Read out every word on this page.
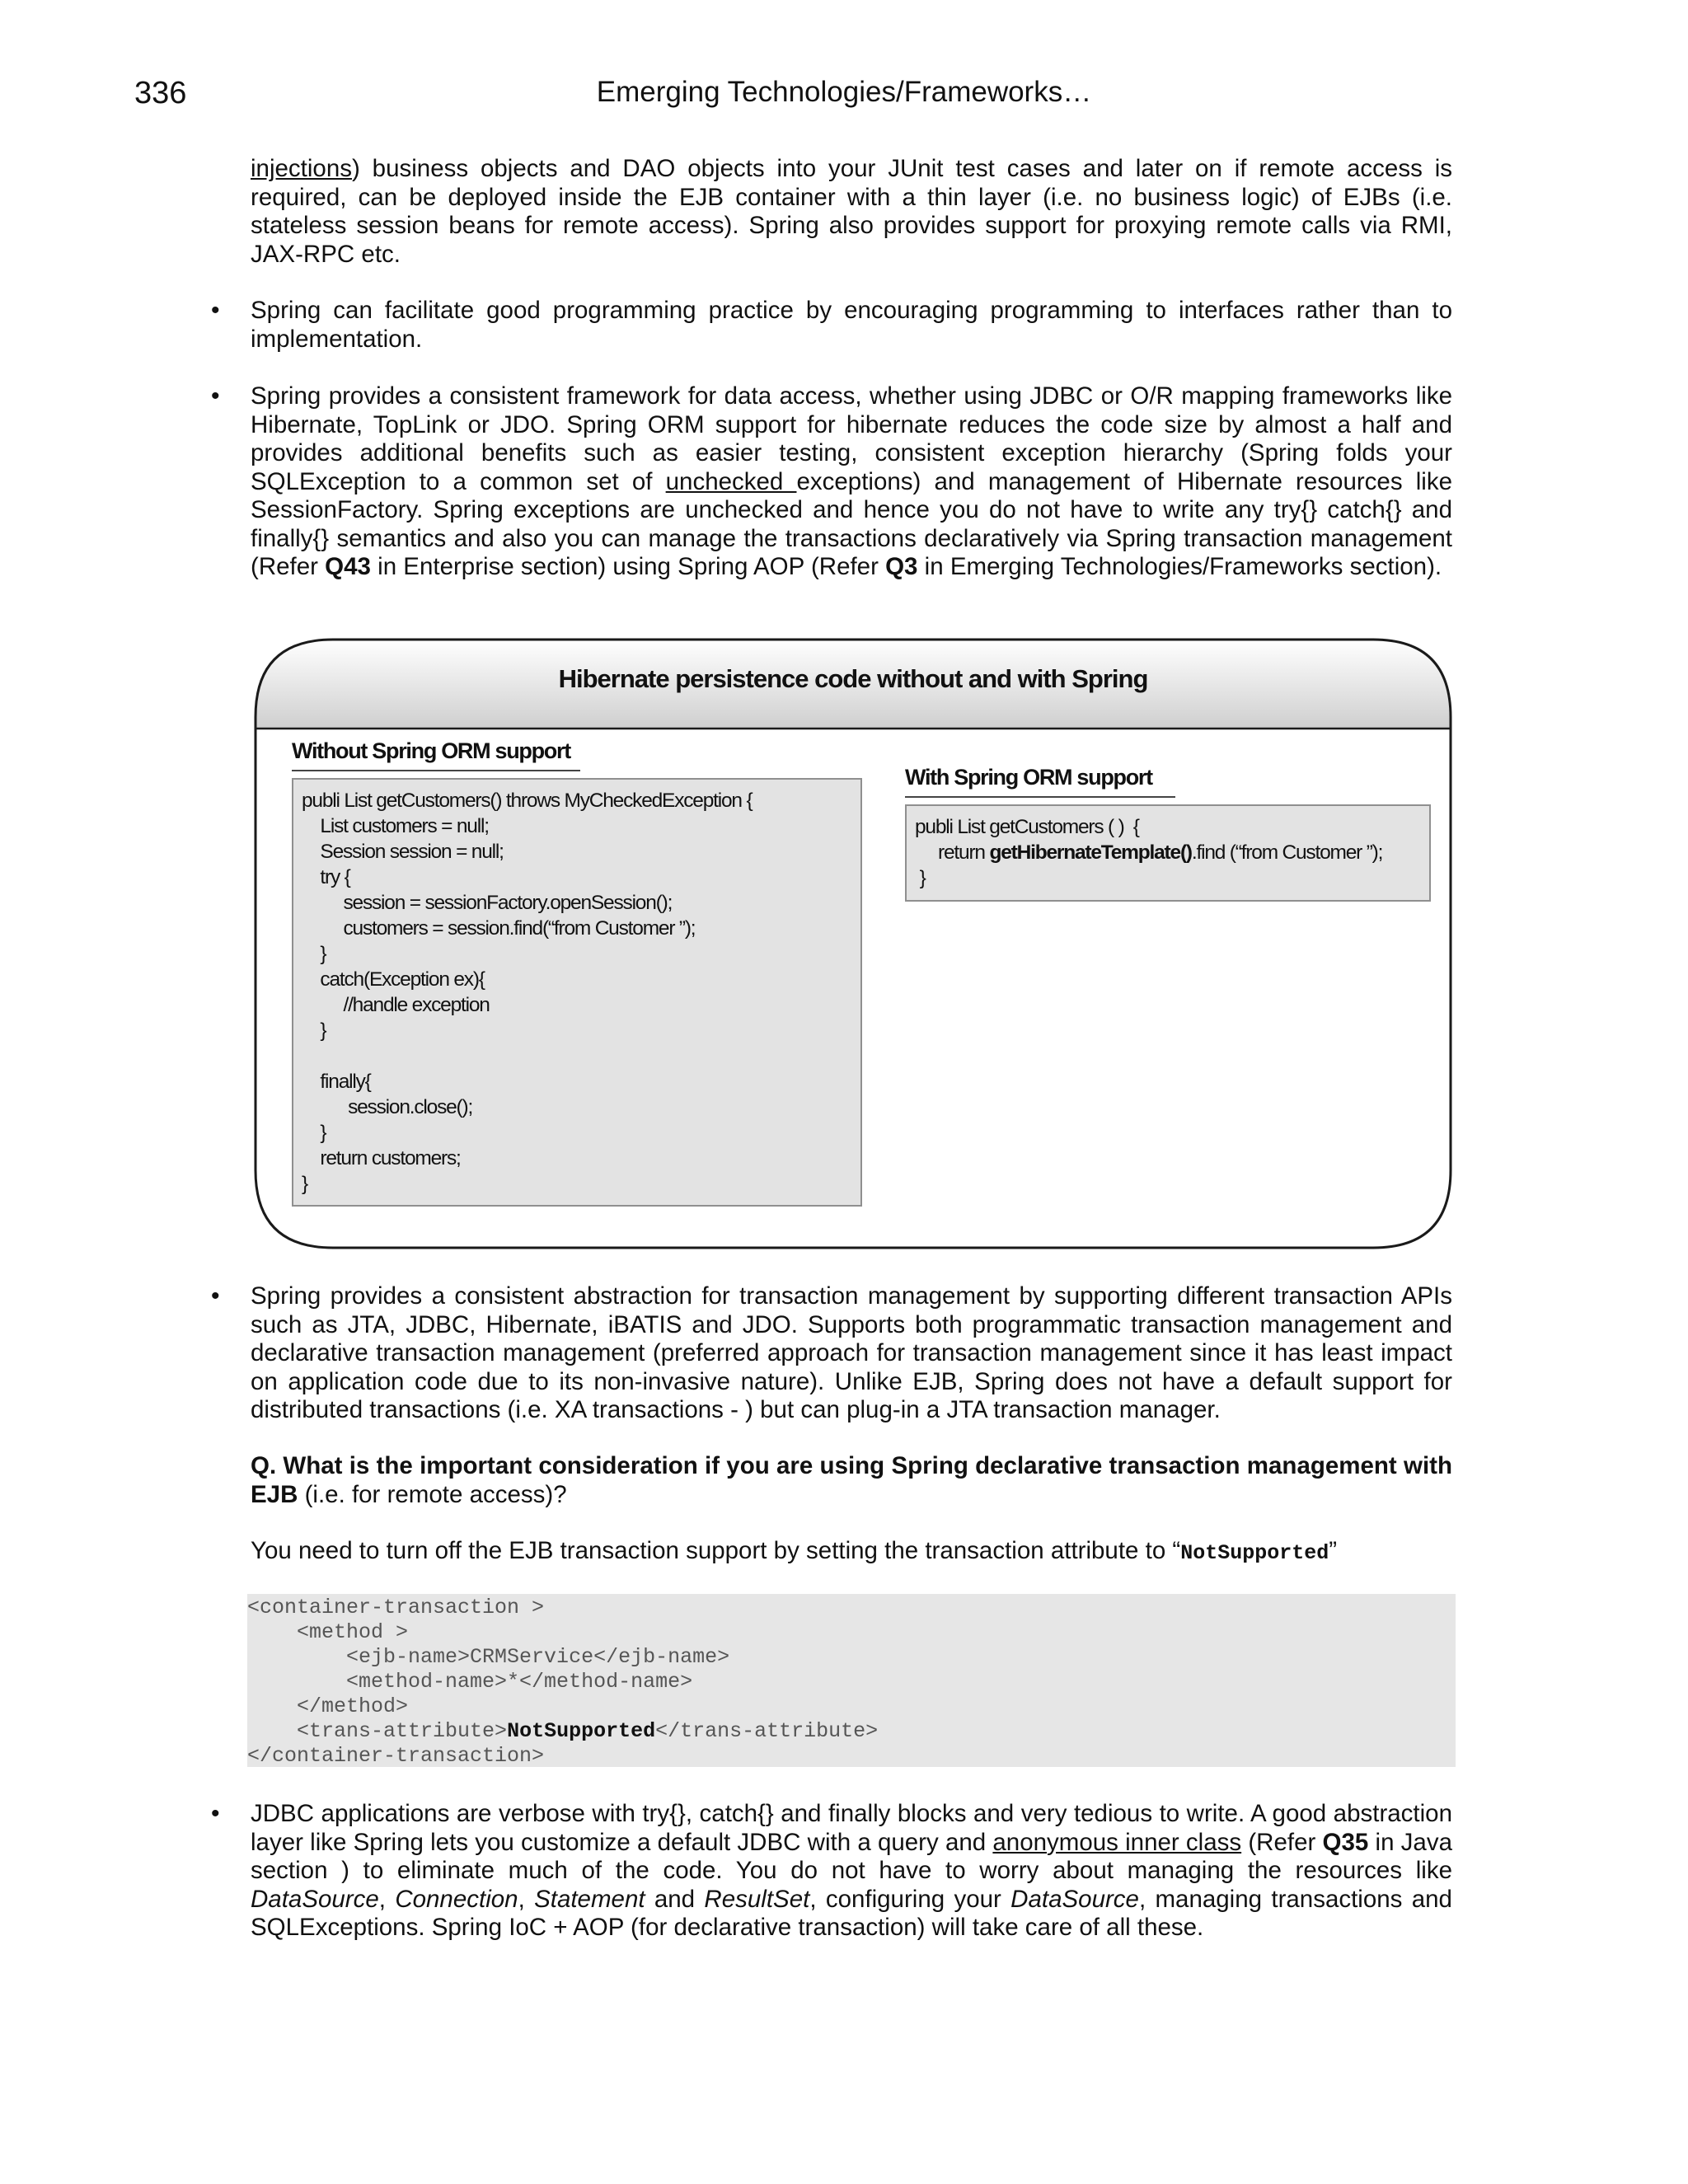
336	Emerging Technologies/Frameworks…

injections) business objects and DAO objects into your JUnit test cases and later on if remote access is required, can be deployed inside the EJB container with a thin layer (i.e. no business logic) of EJBs (i.e. stateless session beans for remote access). Spring also provides support for proxying remote calls via RMI, JAX-RPC etc.

• Spring can facilitate good programming practice by encouraging programming to interfaces rather than to implementation.

• Spring provides a consistent framework for data access, whether using JDBC or O/R mapping frameworks like Hibernate, TopLink or JDO. Spring ORM support for hibernate reduces the code size by almost a half and provides additional benefits such as easier testing, consistent exception hierarchy (Spring folds your SQLException to a common set of unchecked exceptions) and management of Hibernate resources like SessionFactory. Spring exceptions are unchecked and hence you do not have to write any try{} catch{} and finally{} semantics and also you can manage the transactions declaratively via Spring transaction management (Refer Q43 in Enterprise section) using Spring AOP (Refer Q3 in Emerging Technologies/Frameworks section).

Hibernate persistence code without and with Spring
Without Spring ORM support
publi List getCustomers() throws MyCheckedException {
List customers = null;
Session session = null;
try {
session = sessionFactory.openSession();
customers = session.find(“from Customer ”);
}
catch(Exception ex){
//handle exception
}
finally{
session.close();
}
return customers;
}
With Spring ORM support
publi List getCustomers ( )  {
return getHibernateTemplate().find (“from Customer ”);
}
• Spring provides a consistent abstraction for transaction management by supporting different transaction APIs such as JTA, JDBC, Hibernate, iBATIS and JDO. Supports both programmatic transaction management and declarative transaction management (preferred approach for transaction management since it has least impact on application code due to its non-invasive nature). Unlike EJB, Spring does not have a default support for distributed transactions (i.e. XA transactions - ) but can plug-in a JTA transaction manager.

Q. What is the important consideration if you are using Spring declarative transaction management with EJB (i.e. for remote access)?

You need to turn off the EJB transaction support by setting the transaction attribute to “NotSupported”

<container-transaction >
<method >
<ejb-name>CRMService</ejb-name>
<method-name>*</method-name>
</method>
<trans-attribute>NotSupported</trans-attribute>
</container-transaction>
• JDBC applications are verbose with try{}, catch{} and finally blocks and very tedious to write. A good abstraction layer like Spring lets you customize a default JDBC with a query and anonymous inner class (Refer Q35 in Java section ) to eliminate much of the code. You do not have to worry about managing the resources like DataSource, Connection, Statement and ResultSet, configuring your DataSource, managing transactions and SQLExceptions. Spring IoC + AOP (for declarative transaction) will take care of all these.
